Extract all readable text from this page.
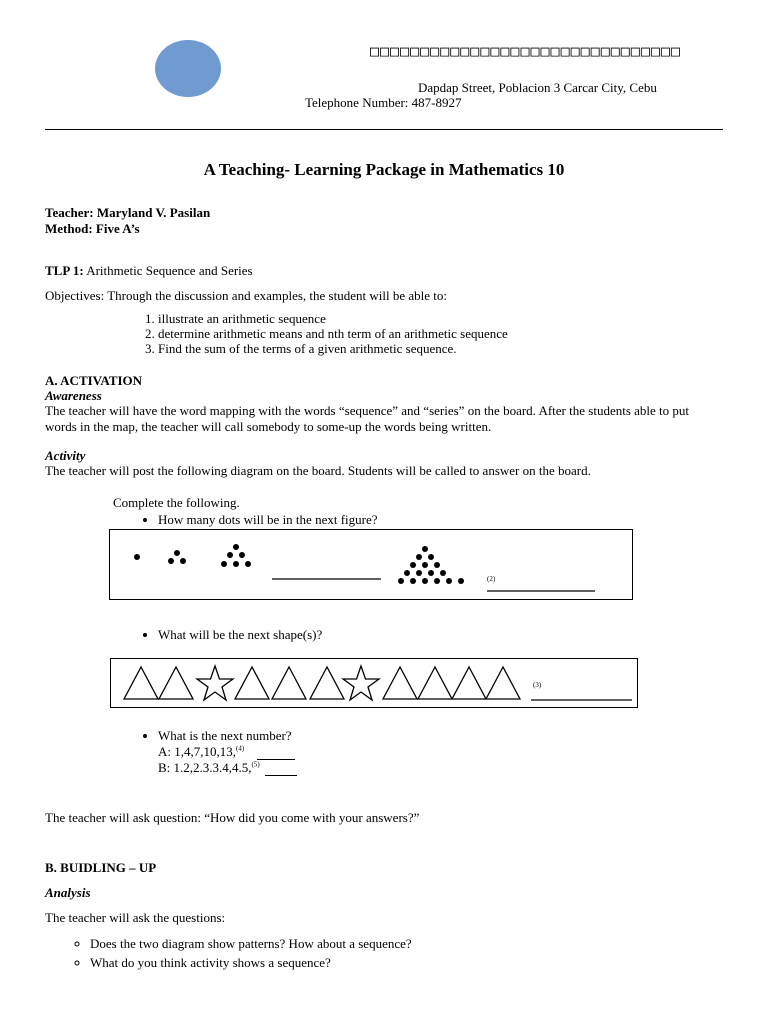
□□□□□□□□□□□□□□□□□□□□□□□□□□□□□□□
Dapdap Street, Poblacion 3 Carcar City, Cebu
Telephone Number: 487-8927
A Teaching- Learning Package in Mathematics 10
Teacher: Maryland V. Pasilan
Method: Five A’s
TLP 1: Arithmetic Sequence and Series
Objectives: Through the discussion and examples, the student will be able to:
1. illustrate an arithmetic sequence
2. determine arithmetic means and nth term of an arithmetic sequence
3. Find the sum of the terms of a given arithmetic sequence.
A. ACTIVATION
Awareness
The teacher will have the word mapping with the words “sequence” and “series” on the board. After the students able to put words in the map, the teacher will call somebody to some-up the words being written.
Activity
The teacher will post the following diagram on the board. Students will be called to answer on the board.
Complete the following.
• How many dots will be in the next figure?
(2)
• What will be the next shape(s)?
(3)
• What is the next number?
A: 1,4,7,10,13,$^{(4)}$
B: 1.2,2.3.3.4,4.5,$^{(5)}$
The teacher will ask question: “How did you come with your answers?”
B. BUIDLING – UP
Analysis
The teacher will ask the questions:
◦ Does the two diagram show patterns? How about a sequence?
◦ What do you think activity shows a sequence?
